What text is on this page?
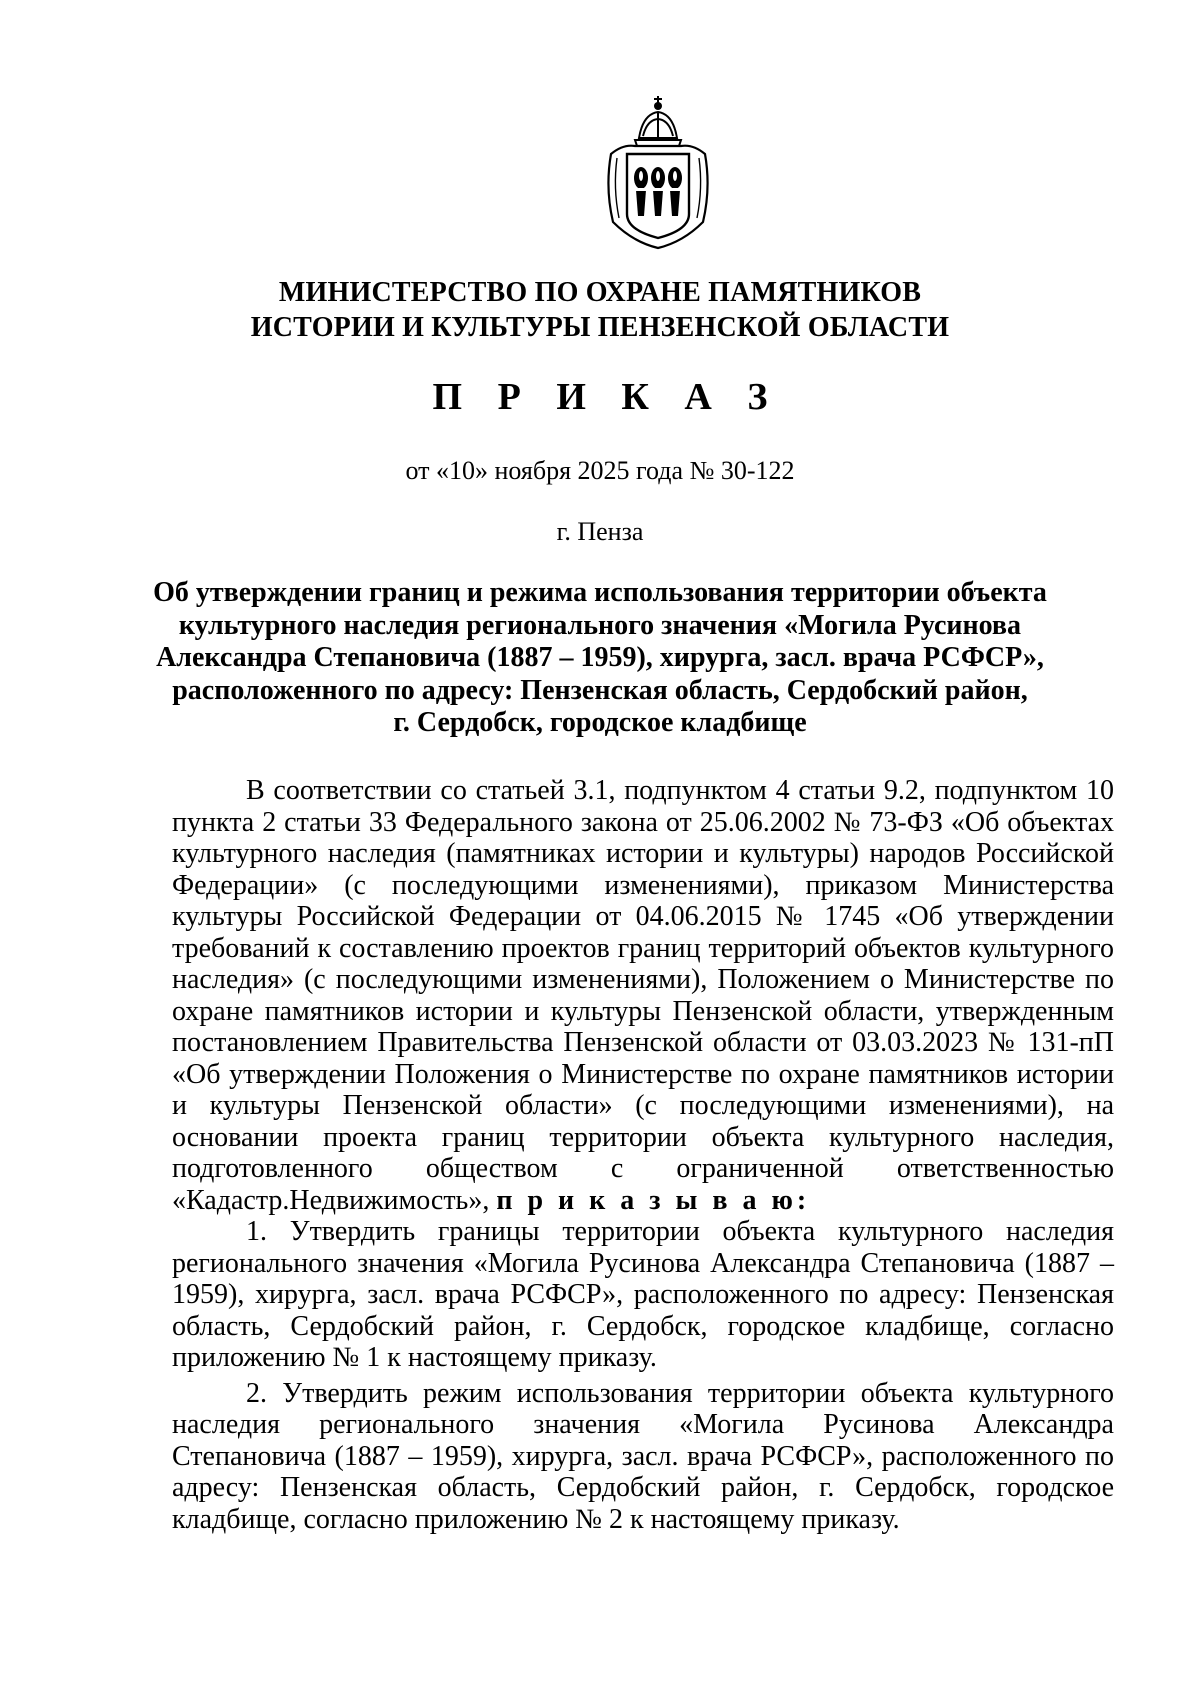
МИНИСТЕРСТВО ПО ОХРАНЕ ПАМЯТНИКОВ
ИСТОРИИ И КУЛЬТУРЫ ПЕНЗЕНСКОЙ ОБЛАСТИ
П Р И К А З
от «10» ноября 2025 года № 30-122
г. Пенза
Об утверждении границ и режима использования территории объекта
культурного наследия регионального значения «Могила Русинова
Александра Степановича (1887 – 1959), хирурга, засл. врача РСФСР»,
расположенного по адресу: Пензенская область, Сердобский район,
г. Сердобск, городское кладбище
В соответствии со статьей 3.1, подпунктом 4 статьи 9.2, подпунктом 10
пункта 2 статьи 33 Федерального закона от 25.06.2002 № 73-ФЗ «Об объектах
культурного наследия (памятниках истории и культуры) народов Российской
Федерации» (с последующими изменениями), приказом Министерства
культуры Российской Федерации от 04.06.2015 № 1745 «Об утверждении
требований к составлению проектов границ территорий объектов культурного
наследия» (с последующими изменениями), Положением о Министерстве по
охране памятников истории и культуры Пензенской области, утвержденным
постановлением Правительства Пензенской области от 03.03.2023 № 131-пП
«Об утверждении Положения о Министерстве по охране памятников истории
и культуры Пензенской области» (с последующими изменениями), на
основании проекта границ территории объекта культурного наследия,
подготовленного обществом с ограниченной ответственностью
«Кадастр.Недвижимость», п р и к а з ы в а ю:
1. Утвердить границы территории объекта культурного наследия
регионального значения «Могила Русинова Александра Степановича (1887 –
1959), хирурга, засл. врача РСФСР», расположенного по адресу: Пензенская
область, Сердобский район, г. Сердобск, городское кладбище, согласно
приложению № 1 к настоящему приказу.
2. Утвердить режим использования территории объекта культурного
наследия регионального значения «Могила Русинова Александра
Степановича (1887 – 1959), хирурга, засл. врача РСФСР», расположенного по
адресу: Пензенская область, Сердобский район, г. Сердобск, городское
кладбище, согласно приложению № 2 к настоящему приказу.
